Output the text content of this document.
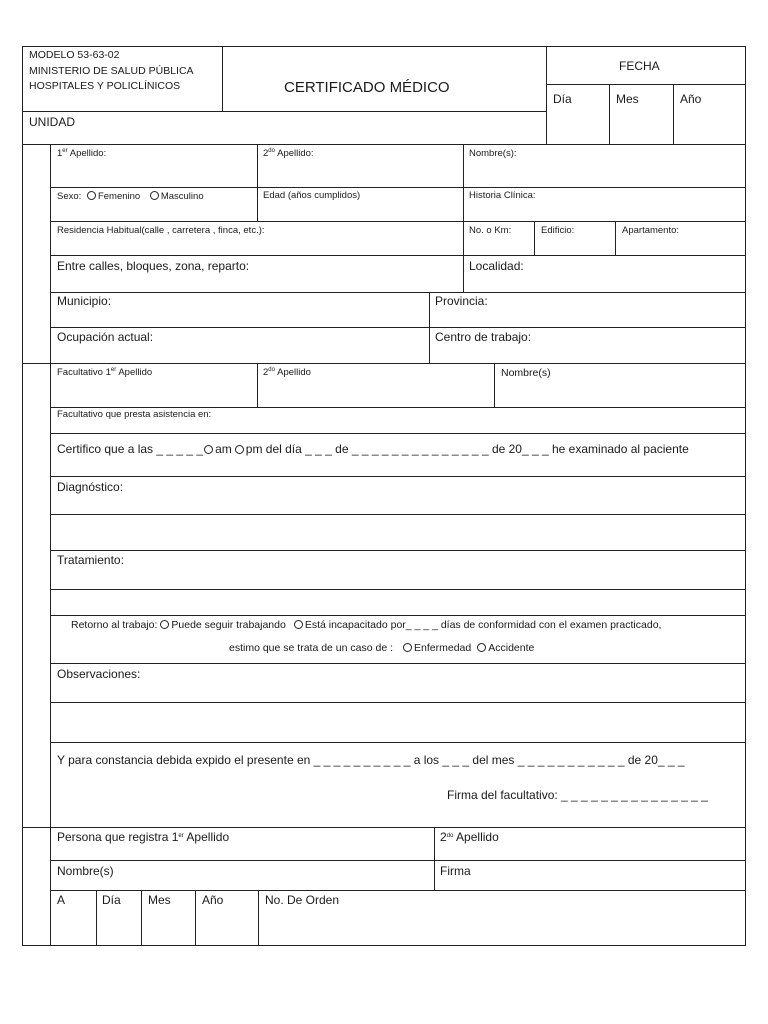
MODELO 53-63-02
MINISTERIO DE SALUD PÚBLICA
HOSPITALES Y POLICLÍNICOS	CERTIFICADO MÉDICO
FECHA
Día	Mes	Año
UNIDAD
1er Apellido:	$2^{do}$ Apellido:	Nombre(s):
Sexo: Femenino Masculino	Edad (años cumplidos)	Historia Clínica:
Residencia Habitual(calle , carretera , finca, etc.):	No. o Km:	Edificio:	Apartamento:
Entre calles, bloques, zona, reparto:	Localidad:
Municipio:	Provincia:
Ocupación actual:	Centro de trabajo:
Facultativo 1er Apellido	$2^{do}$ Apellido	Nombre(s)
Facultativo que presta asistencia en:
Certifico que a las _ _ _ _ _ am pm del día _ _ _ de _ _ _ _ _ _ _ _ _ _ _ _ _ _ de 20_ _ _ he examinado al paciente
Diagnóstico:
Tratamiento:
Retorno al trabajo: Puede seguir trabajando Está incapacitado por_ _ _ _ días de conformidad con el examen practicado,
estimo que se trata de un caso de : Enfermedad Accidente
Observaciones:
Y para constancia debida expido el presente en _ _ _ _ _ _ _ _ _ _ a los _ _ _ del mes _ _ _ _ _ _ _ _ _ _ _ de 20_ _ _
Firma del facultativo: _ _ _ _ _ _ _ _ _ _ _ _ _ _ _
Persona que registra 1er Apellido	$2^{do}$ Apellido
Nombre(s)	Firma
A	Día Mes	Año	No. De Orden
